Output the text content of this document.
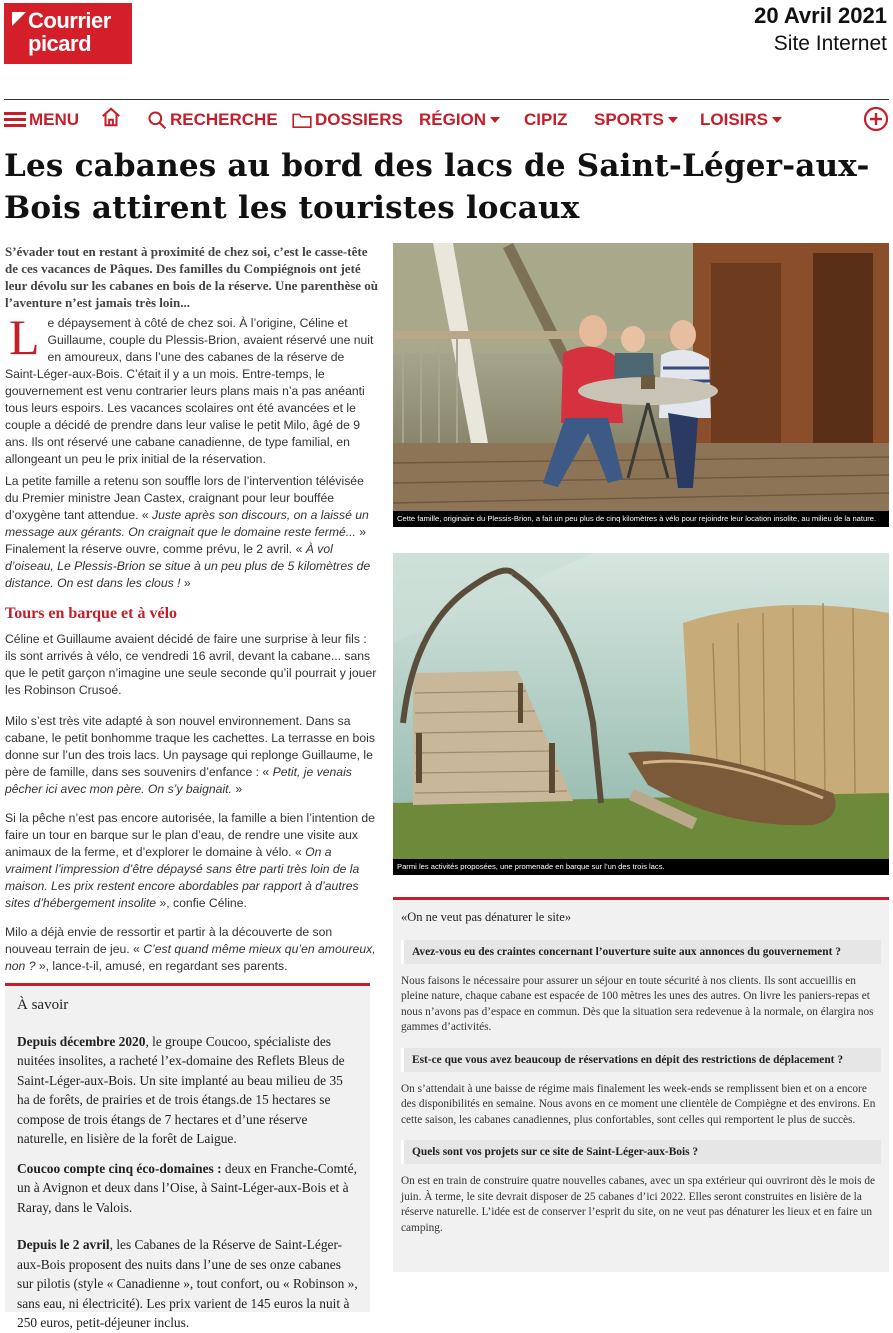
Courrier
picard
20 Avril 2021
Site Internet
MENU	RECHERCHE DOSSIERS RÉGION CIPIZ SPORTS LOISIRS
Les cabanes au bord des lacs de Saint-Léger-aux-Bois attirent les touristes locaux

S’évader tout en restant à proximité de chez soi, c’est le casse-tête de ces vacances de Pâques. Des familles du Compiégnois ont jeté leur dévolu sur les cabanes en bois de la réserve. Une parenthèse où l’aventure n’est jamais très loin...

Le dépaysement à côté de chez soi. À l’origine, Céline et Guillaume, couple du Plessis-Brion, avaient réservé une nuit en amoureux, dans l’une des cabanes de la réserve de Saint-Léger-aux-Bois. C’était il y a un mois. Entre-temps, le gouvernement est venu contrarier leurs plans mais n’a pas anéanti tous leurs espoirs. Les vacances scolaires ont été avancées et le couple a décidé de prendre dans leur valise le petit Milo, âgé de 9 ans. Ils ont réservé une cabane canadienne, de type familial, en allongeant un peu le prix initial de la réservation.
La petite famille a retenu son souffle lors de l’intervention télévisée du Premier ministre Jean Castex, craignant pour leur bouffée d’oxygène tant attendue. « Juste après son discours, on a laissé un message aux gérants. On craignait que le domaine reste fermé... » Finalement la réserve ouvre, comme prévu, le 2 avril. « À vol d’oiseau, Le Plessis-Brion se situe à un peu plus de 5 kilomètres de distance. On est dans les clous ! »
Tours en barque et à vélo
Céline et Guillaume avaient décidé de faire une surprise à leur fils : ils sont arrivés à vélo, ce vendredi 16 avril, devant la cabane... sans que le petit garçon n’imagine une seule seconde qu’il pourrait y jouer les Robinson Crusoé.
Milo s’est très vite adapté à son nouvel environnement. Dans sa cabane, le petit bonhomme traque les cachettes. La terrasse en bois donne sur l’un des trois lacs. Un paysage qui replonge Guillaume, le père de famille, dans ses souvenirs d’enfance : « Petit, je venais pêcher ici avec mon père. On s’y baignait. »
Si la pêche n’est pas encore autorisée, la famille a bien l’intention de faire un tour en barque sur le plan d’eau, de rendre une visite aux animaux de la ferme, et d’explorer le domaine à vélo. « On a vraiment l’impression d’être dépaysé sans être parti très loin de la maison. Les prix restent encore abordables par rapport à d’autres sites d’hébergement insolite », confie Céline.
Milo a déjà envie de ressortir et partir à la découverte de son nouveau terrain de jeu. « C’est quand même mieux qu’en amoureux, non ? », lance-t-il, amusé, en regardant ses parents.
À savoir

Depuis décembre 2020, le groupe Coucoo, spécialiste des nuitées insolites, a racheté l’ex-domaine des Reflets Bleus de Saint-Léger-aux-Bois. Un site implanté au beau milieu de 35 ha de forêts, de prairies et de trois étangs.de 15 hectares se compose de trois étangs de 7 hectares et d’une réserve naturelle, en lisière de la forêt de Laigue.

Coucoo compte cinq éco-domaines : deux en Franche-Comté, un à Avignon et deux dans l’Oise, à Saint-Léger-aux-Bois et à Raray, dans le Valois.

Depuis le 2 avril, les Cabanes de la Réserve de Saint-Léger-aux-Bois proposent des nuits dans l’une de ses onze cabanes sur pilotis (style « Canadienne », tout confort, ou « Robinson », sans eau, ni électricité). Les prix varient de 145 euros la nuit à 250 euros, petit-déjeuner inclus.

Cette famille, originaire du Plessis-Brion, a fait un peu plus de cinq kilomètres à vélo pour rejoindre leur location insolite, au milieu de la nature.
Parmi les activités proposées, une promenade en barque sur l’un des trois lacs.
«On ne veut pas dénaturer le site»
Avez-vous eu des craintes concernant l’ouverture suite aux annonces du gouvernement ?
Nous faisons le nécessaire pour assurer un séjour en toute sécurité à nos clients. Ils sont accueillis en pleine nature, chaque cabane est espacée de 100 mètres les unes des autres. On livre les paniers-repas et nous n’avons pas d’espace en commun. Dès que la situation sera redevenue à la normale, on élargira nos gammes d’activités.
Est-ce que vous avez beaucoup de réservations en dépit des restrictions de déplacement ?
On s’attendait à une baisse de régime mais finalement les week-ends se remplissent bien et on a encore des disponibilités en semaine. Nous avons en ce moment une clientèle de Compiègne et des environs. En cette saison, les cabanes canadiennes, plus confortables, sont celles qui remportent le plus de succès.
Quels sont vos projets sur ce site de Saint-Léger-aux-Bois ?
On est en train de construire quatre nouvelles cabanes, avec un spa extérieur qui ouvriront dès le mois de juin. À terme, le site devrait disposer de 25 cabanes d’ici 2022. Elles seront construites en lisière de la réserve naturelle. L’idée est de conserver l’esprit du site, on ne veut pas dénaturer les lieux et en faire un camping.
